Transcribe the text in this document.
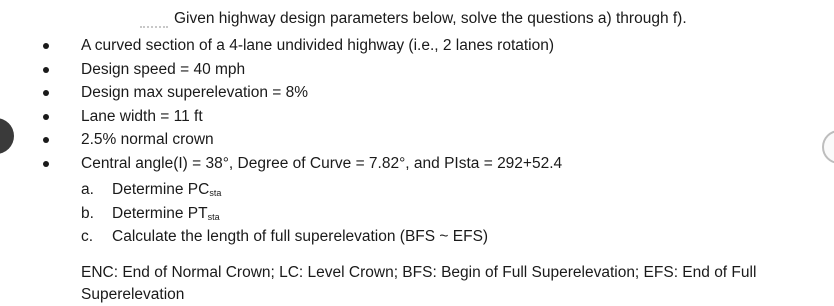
Given highway design parameters below, solve the questions a) through f).
A curved section of a 4-lane undivided highway (i.e., 2 lanes rotation)
Design speed = 40 mph
Design max superelevation = 8%
Lane width = 11 ft
2.5% normal crown
Central angle(I) = 38°, Degree of Curve = 7.82°, and PIsta = 292+52.4
a. Determine $PC_{sta}$
b. Determine $PT_{sta}$
c. Calculate the length of full superelevation (BFS ~ EFS)
ENC: End of Normal Crown; LC: Level Crown; BFS: Begin of Full Superelevation; EFS: End of Full Superelevation
